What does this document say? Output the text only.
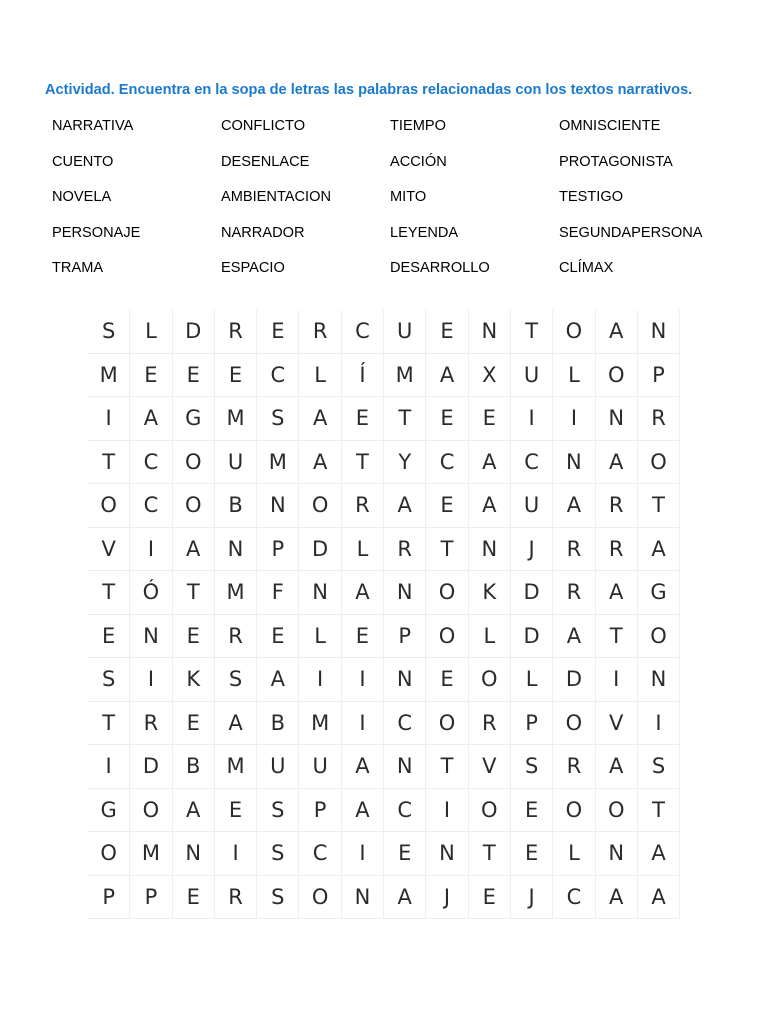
Actividad. Encuentra en la sopa de letras las palabras relacionadas con los textos narrativos.
NARRATIVA	CONFLICTO	TIEMPO	OMNISCIENTE
CUENTO	DESENLACE	ACCIÓN	PROTAGONISTA
NOVELA	AMBIENTACION	MITO	TESTIGO
PERSONAJE	NARRADOR	LEYENDA	SEGUNDAPERSONA
TRAMA	ESPACIO	DESARROLLO	CLÍMAX
S	L	D	R	E	R	C	U	E	N	T	O	A	N
M	E	E	E	C	L	Í	M	A	X	U	L	O	P
I	A	G	M	S	A	E	T	E	E	I	I	N	R
T	C	O	U	M	A	T	Y	C	A	C	N	A	O
O	C	O	B	N	O	R	A	E	A	U	A	R	T
V	I	A	N	P	D	L	R	T	N	J	R	R	A
T	Ó	T	M	F	N	A	N	O	K	D	R	A	G
E	N	E	R	E	L	E	P	O	L	D	A	T	O
S	I	K	S	A	I	I	N	E	O	L	D	I	N
T	R	E	A	B	M	I	C	O	R	P	O	V	I
I	D	B	M	U	U	A	N	T	V	S	R	A	S
G	O	A	E	S	P	A	C	I	O	E	O	O	T
O	M	N	I	S	C	I	E	N	T	E	L	N	A
P	P	E	R	S	O	N	A	J	E	J	C	A	A
